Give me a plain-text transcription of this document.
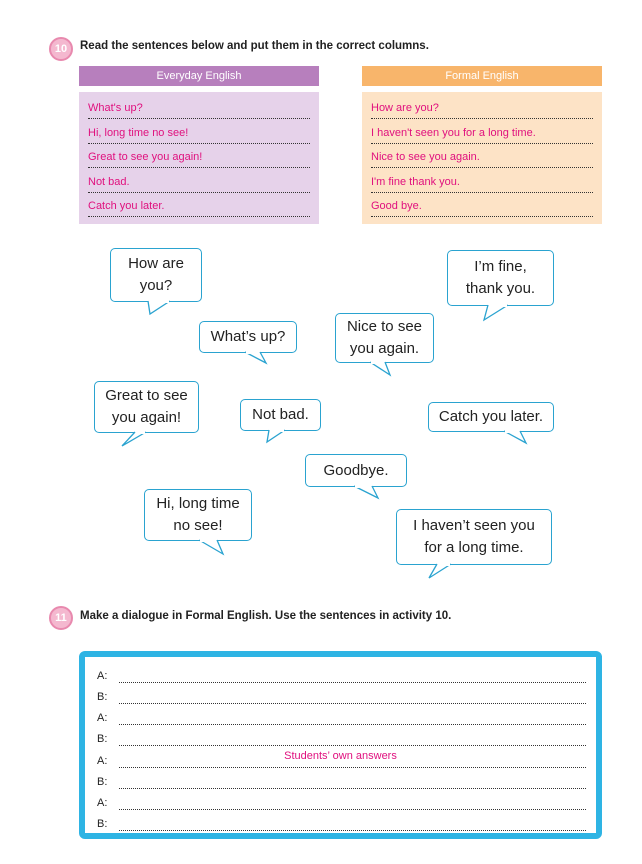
10	Read the sentences below and put them in the correct columns.
Everyday English
What's up?
Hi, long time no see!
Great to see you again!
Not bad.
Catch you later.
Formal English
How are you?
I haven't seen you for a long time.
Nice to see you again.
I'm fine thank you.
Good bye.
How are
you?
I’m fine,
thank you.
What’s up?
Nice to see
you again.
Great to see
you again!	Not bad.	Catch you later.
Goodbye.
Hi, long time
no see!	I haven’t seen you
for a long time.
11	Make a dialogue in Formal English. Use the sentences in activity 10.
A:
B:
A:
B:
A:
B:
A:
B:
Students’ own answers
